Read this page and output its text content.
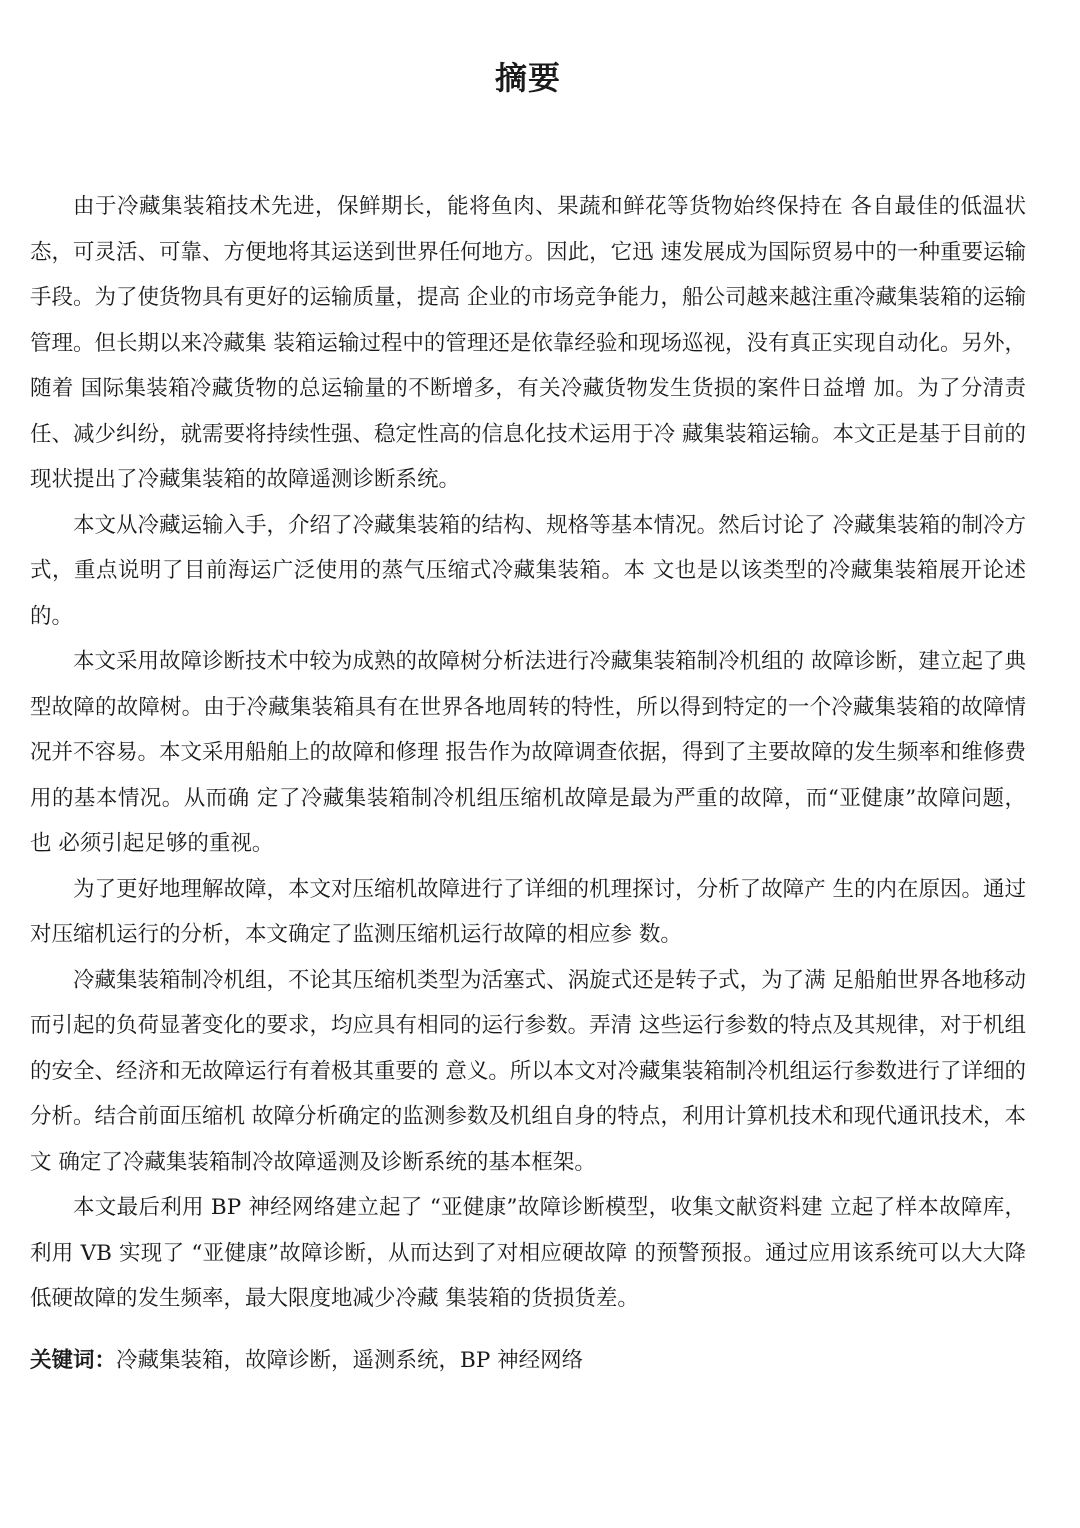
摘要

由于冷藏集装箱技术先进，保鲜期长，能将鱼肉、果蔬和鲜花等货物始终保持在 各自最佳的低温状态，可灵活、可靠、方便地将其运送到世界任何地方。因此，它迅 速发展成为国际贸易中的一种重要运输手段。为了使货物具有更好的运输质量，提高 企业的市场竞争能力，船公司越来越注重冷藏集装箱的运输管理。但长期以来冷藏集 装箱运输过程中的管理还是依靠经验和现场巡视，没有真正实现自动化。另外，随着 国际集装箱冷藏货物的总运输量的不断增多，有关冷藏货物发生货损的案件日益增 加。为了分清责任、减少纠纷，就需要将持续性强、稳定性高的信息化技术运用于冷 藏集装箱运输。本文正是基于目前的现状提出了冷藏集装箱的故障遥测诊断系统。

本文从冷藏运输入手，介绍了冷藏集装箱的结构、规格等基本情况。然后讨论了 冷藏集装箱的制冷方式，重点说明了目前海运广泛使用的蒸气压缩式冷藏集装箱。本 文也是以该类型的冷藏集装箱展开论述的。

本文采用故障诊断技术中较为成熟的故障树分析法进行冷藏集装箱制冷机组的 故障诊断，建立起了典型故障的故障树。由于冷藏集装箱具有在世界各地周转的特性，所以得到特定的一个冷藏集装箱的故障情况并不容易。本文采用船舶上的故障和修理 报告作为故障调查依据，得到了主要故障的发生频率和维修费用的基本情况。从而确 定了冷藏集装箱制冷机组压缩机故障是最为严重的故障，而“亚健康”故障问题，也 必须引起足够的重视。

为了更好地理解故障，本文对压缩机故障进行了详细的机理探讨，分析了故障产 生的内在原因。通过对压缩机运行的分析，本文确定了监测压缩机运行故障的相应参 数。

冷藏集装箱制冷机组，不论其压缩机类型为活塞式、涡旋式还是转子式，为了满 足船舶世界各地移动而引起的负荷显著变化的要求，均应具有相同的运行参数。弄清 这些运行参数的特点及其规律，对于机组的安全、经济和无故障运行有着极其重要的 意义。所以本文对冷藏集装箱制冷机组运行参数进行了详细的分析。结合前面压缩机 故障分析确定的监测参数及机组自身的特点，利用计算机技术和现代通讯技术，本文 确定了冷藏集装箱制冷故障遥测及诊断系统的基本框架。

本文最后利用 BP 神经网络建立起了 “亚健康”故障诊断模型，收集文献资料建 立起了样本故障库，利用 VB 实现了 “亚健康”故障诊断，从而达到了对相应硬故障 的预警预报。通过应用该系统可以大大降低硬故障的发生频率，最大限度地减少冷藏 集装箱的货损货差。

关键词：冷藏集装箱，故障诊断，遥测系统，BP 神经网络
